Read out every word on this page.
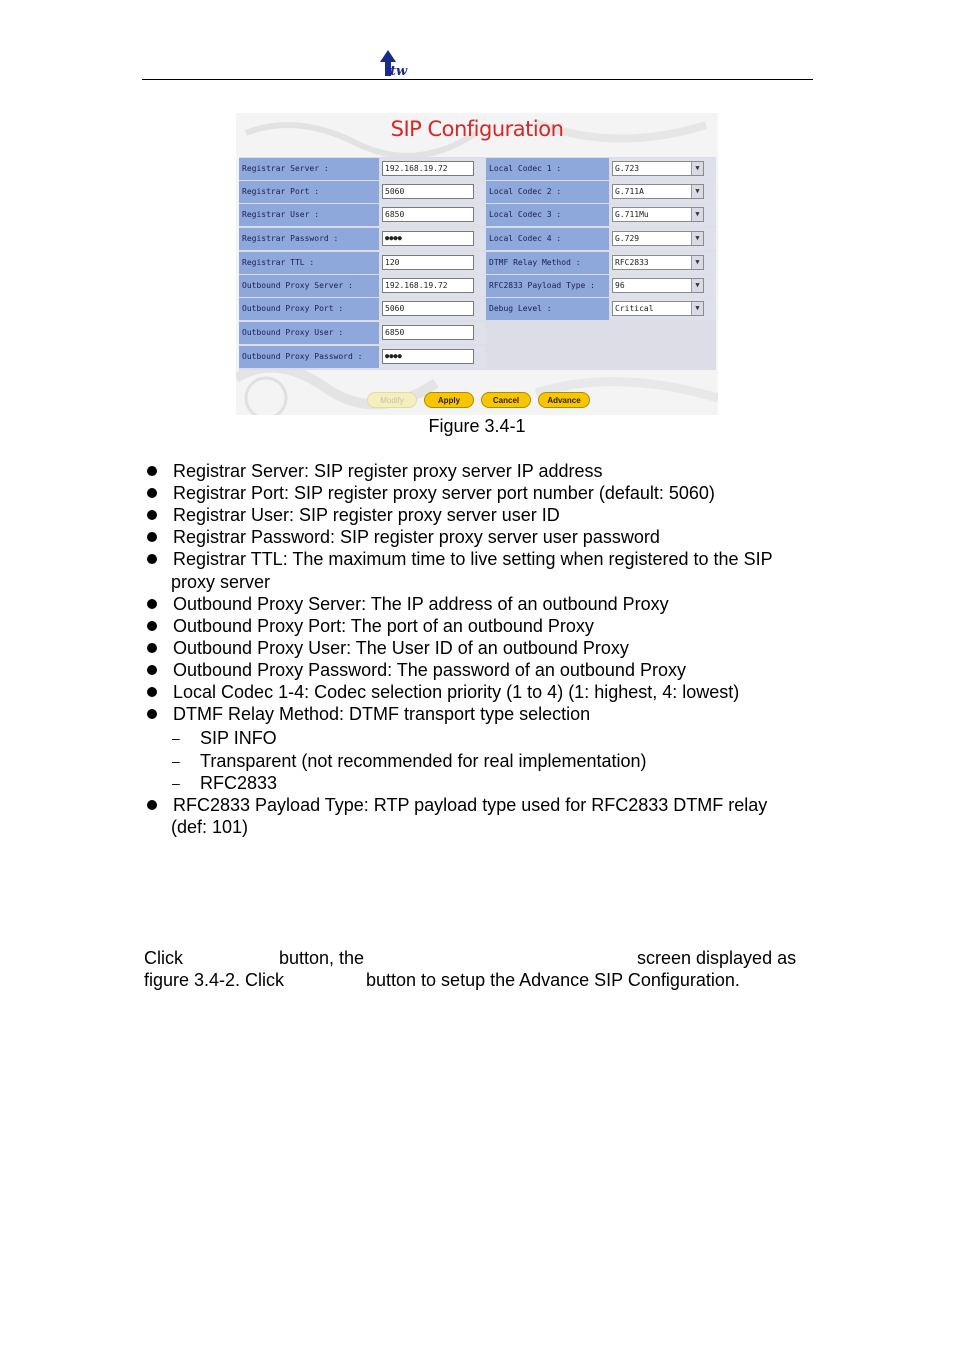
tw
SIP Configuration
Registrar Server :	192.168.19.72	Local Codec 1 :	G.723	▼
Registrar Port :	5060	Local Codec 2 :	G.711A	▼
Registrar User :	6850	Local Codec 3 :	G.711Mu	▼
Registrar Password :	●●●●	Local Codec 4 :	G.729	▼
Registrar TTL :	120	DTMF Relay Method :	RFC2833	▼
Outbound Proxy Server :	192.168.19.72	RFC2833 Payload Type :	96	▼
Outbound Proxy Port :	5060	Debug Level :	Critical	▼
Outbound Proxy User :	6850
Outbound Proxy Password :	●●●●
Modify	Apply	Cancel	Advance
Figure 3.4-1
Registrar Server: SIP register proxy server IP address
Registrar Port: SIP register proxy server port number (default: 5060)
Registrar User: SIP register proxy server user ID
Registrar Password: SIP register proxy server user password
Registrar TTL: The maximum time to live setting when registered to the SIP
proxy server
Outbound Proxy Server: The IP address of an outbound Proxy
Outbound Proxy Port: The port of an outbound Proxy
Outbound Proxy User: The User ID of an outbound Proxy
Outbound Proxy Password: The password of an outbound Proxy
Local Codec 1-4: Codec selection priority (1 to 4) (1: highest, 4: lowest)
DTMF Relay Method: DTMF transport type selection
– SIP INFO
– Transparent (not recommended for real implementation)
– RFC2833
RFC2833 Payload Type: RTP payload type used for RFC2833 DTMF relay
(def: 101)
Click	button, the	screen displayed as
figure 3.4-2. Click	button to setup the Advance SIP Configuration.
